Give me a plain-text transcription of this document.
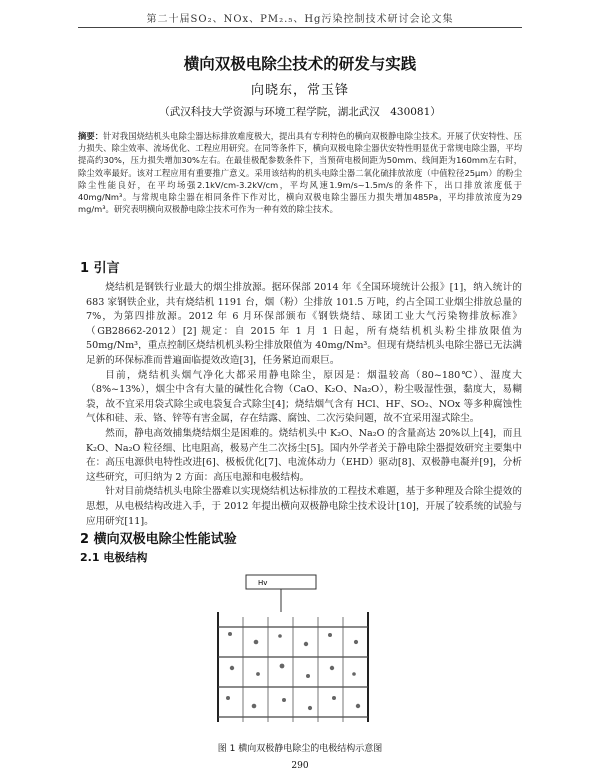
第二十届SO₂、NOx、PM₂.₅、Hg污染控制技术研讨会论文集
横向双极电除尘技术的研发与实践
向晓东，常玉锋
（武汉科技大学资源与环境工程学院，湖北武汉　430081）
摘要：针对我国烧结机头电除尘器达标排放难度极大，提出具有专利特色的横向双极静电除尘技术。开展了伏安特性、压力损失、除尘效率、流场优化、工程应用研究。在同等条件下，横向双极电除尘器伏安特性明显优于常规电除尘器，平均提高约30%，压力损失增加30%左右。在最佳极配参数条件下，当预荷电极间距为50mm、线间距为160mm左右时，除尘效率最好。该对工程应用有重要推广意义。采用该结构的机头电除尘器二氧化硫排放浓度（中值粒径25μm）的粉尘除尘性能良好，在平均场强2.1kV/cm-3.2kV/cm，平均风速1.9m/s~1.5m/s的条件下，出口排放浓度低于40mg/Nm³。与常规电除尘器在相同条件下作对比，横向双极电除尘器压力损失增加485Pa，平均排放浓度为29 mg/m³。研究表明横向双极静电除尘技术可作为一种有效的除尘技术。
1 引言

烧结机是钢铁行业最大的烟尘排放源。据环保部 2014 年《全国环境统计公报》[1]，纳入统计的 683 家钢铁企业，共有烧结机 1191 台，烟（粉）尘排放 101.5 万吨，约占全国工业烟尘排放总量的 7%，为第四排放源。2012 年 6 月环保部颁布《钢铁烧结、球团工业大气污染物排放标准》（GB28662-2012）[2] 规定：自 2015 年 1 月 1 日起，所有烧结机机头粉尘排放限值为 50mg/Nm³，重点控制区烧结机机头粉尘排放限值为 40mg/Nm³。但现有烧结机头电除尘器已无法满足新的环保标准而普遍面临提效改造[3]，任务紧迫而艰巨。

目前，烧结机头烟气净化大都采用静电除尘，原因是：烟温较高（80~180℃）、湿度大（8%~13%），烟尘中含有大量的碱性化合物（CaO、K₂O、Na₂O），粉尘吸湿性强，黏度大，易糊袋，故不宜采用袋式除尘或电袋复合式除尘[4]；烧结烟气含有 HCl、HF、SO₂、NOx 等多种腐蚀性气体和硅、汞、铬、锌等有害金属，存在结露、腐蚀、二次污染问题，故不宜采用湿式除尘。

然而，静电高效捕集烧结烟尘是困难的。烧结机头中 K₂O、Na₂O 的含量高达 20%以上[4]，而且 K₂O、Na₂O 粒径细、比电阻高，极易产生二次扬尘[5]。国内外学者关于静电除尘器提效研究主要集中在：高压电源供电特性改进[6]、极板优化[7]、电流体动力（EHD）驱动[8]、双极静电凝并[9]，分析这些研究，可归纳为 2 方面：高压电源和电极结构。

针对目前烧结机头电除尘器难以实现烧结机达标排放的工程技术难题，基于多种理及合除尘提效的思想，从电极结构改进入手，于 2012 年提出横向双极静电除尘技术设计[10]，开展了较系统的试验与应用研究[11]。

2 横向双极电除尘性能试验
2.1 电极结构
Hv
图 1 横向双极静电除尘的电极结构示意图
290
